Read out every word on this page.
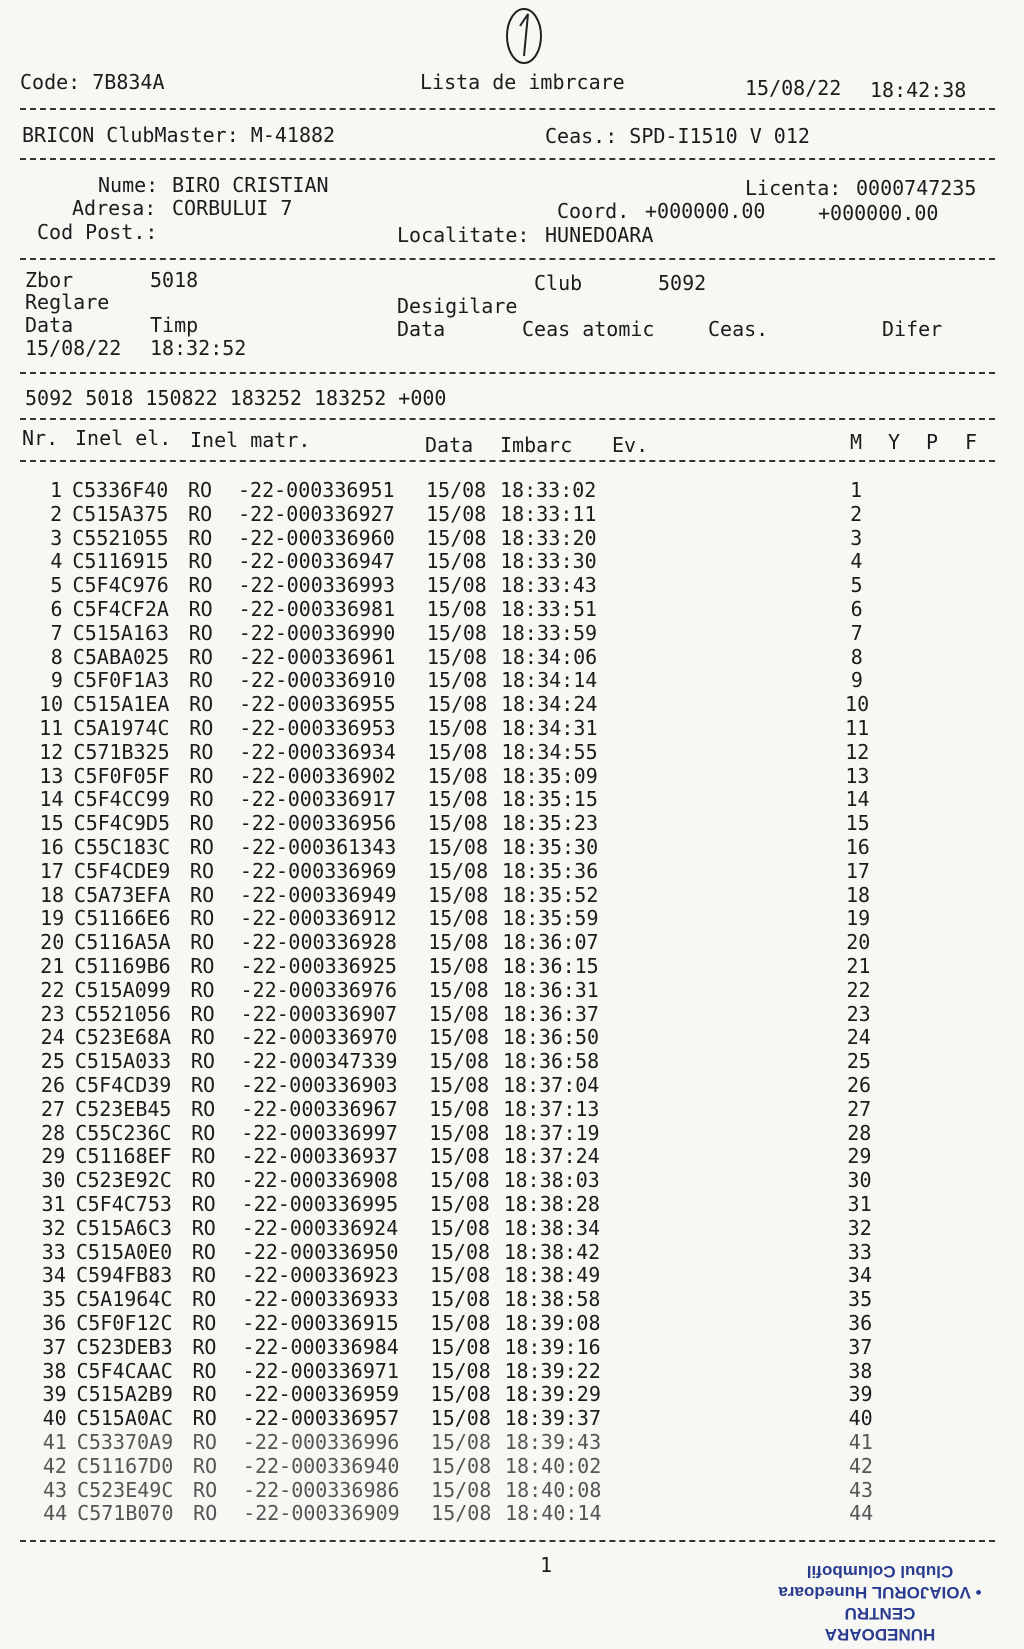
Code: 7B834A	Lista de imbrcare	15/08/22 18:42:38
BRICON ClubMaster: M-41882	Ceas.: SPD-I1510 V 012
Nume: BIRO CRISTIAN
Adresa: CORBULUI 7
Cod Post.:
Licenta: 0000747235
Coord. +000000.00	+000000.00
Localitate: HUNEDOARA
Zbor	5018	Club	5092
Reglare	Desigilare
Data	Timp	Data	Ceas atomic	Ceas.	Difer
15/08/22 18:32:52
5092 5018 150822 183252 183252 +000
Nr. Inel el. Inel matr.	Data Imbarc Ev.	M Y P F
1 C5336F40 RO -22-000336951 15/08 18:33:02	1
2 C515A375 RO -22-000336927 15/08 18:33:11	2
3 C5521055 RO -22-000336960 15/08 18:33:20	3
4 C5116915 RO -22-000336947 15/08 18:33:30	4
5 C5F4C976 RO -22-000336993 15/08 18:33:43	5
6 C5F4CF2A RO -22-000336981 15/08 18:33:51	6
7 C515A163 RO -22-000336990 15/08 18:33:59	7
8 C5ABA025 RO -22-000336961 15/08 18:34:06	8
9 C5F0F1A3 RO -22-000336910 15/08 18:34:14	9
10 C515A1EA RO -22-000336955 15/08 18:34:24	10
11 C5A1974C RO -22-000336953 15/08 18:34:31	11
12 C571B325 RO -22-000336934 15/08 18:34:55	12
13 C5F0F05F RO -22-000336902 15/08 18:35:09	13
14 C5F4CC99 RO -22-000336917 15/08 18:35:15	14
15 C5F4C9D5 RO -22-000336956 15/08 18:35:23	15
16 C55C183C RO -22-000361343 15/08 18:35:30	16
17 C5F4CDE9 RO -22-000336969 15/08 18:35:36	17
18 C5A73EFA RO -22-000336949 15/08 18:35:52	18
19 C51166E6 RO -22-000336912 15/08 18:35:59	19
20 C5116A5A RO -22-000336928 15/08 18:36:07	20
21 C51169B6 RO -22-000336925 15/08 18:36:15	21
22 C515A099 RO -22-000336976 15/08 18:36:31	22
23 C5521056 RO -22-000336907 15/08 18:36:37	23
24 C523E68A RO -22-000336970 15/08 18:36:50	24
25 C515A033 RO -22-000347339 15/08 18:36:58	25
26 C5F4CD39 RO -22-000336903 15/08 18:37:04	26
27 C523EB45 RO -22-000336967 15/08 18:37:13	27
28 C55C236C RO -22-000336997 15/08 18:37:19	28
29 C51168EF RO -22-000336937 15/08 18:37:24	29
30 C523E92C RO -22-000336908 15/08 18:38:03	30
31 C5F4C753 RO -22-000336995 15/08 18:38:28	31
32 C515A6C3 RO -22-000336924 15/08 18:38:34	32
33 C515A0E0 RO -22-000336950 15/08 18:38:42	33
34 C594FB83 RO -22-000336923 15/08 18:38:49	34
35 C5A1964C RO -22-000336933 15/08 18:38:58	35
36 C5F0F12C RO -22-000336915 15/08 18:39:08	36
37 C523DEB3 RO -22-000336984 15/08 18:39:16	37
38 C5F4CAAC RO -22-000336971 15/08 18:39:22	38
39 C515A2B9 RO -22-000336959 15/08 18:39:29	39
40 C515A0AC RO -22-000336957 15/08 18:39:37	40
41 C53370A9 RO -22-000336996 15/08 18:39:43	41
42 C51167D0 RO -22-000336940 15/08 18:40:02	42
43 C523E49C RO -22-000336986 15/08 18:40:08	43
44 C571B070 RO -22-000336909 15/08 18:40:14	44
1
HUNEDOARA
CENTRU
• VOIAJORUL Hunedoara
Clubul Columbofil
